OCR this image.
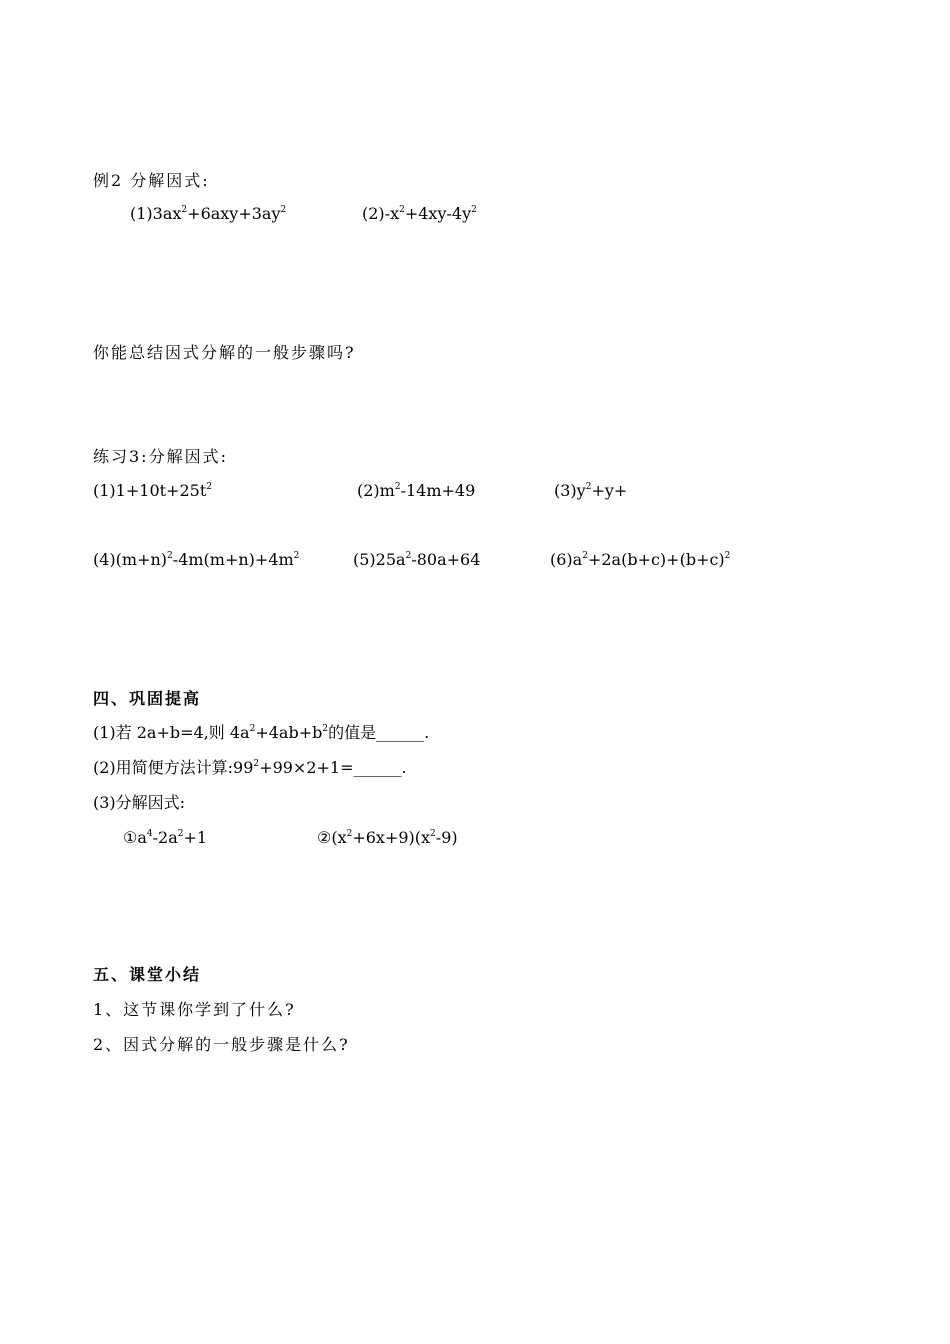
例2 分解因式:
$(1)3ax^2+6axy+3ay^2$	$(2)-x^2+4xy-4y^2$
你能总结因式分解的一般步骤吗?
练习3:分解因式:
$(1)1+10t+25t^2$	$(2)m^2-14m+49$	$(3)y^2+y+$
$(4)(m+n)^2-4m(m+n)+4m^2$	$(5)25a^2-80a+64$	$(6)a^2+2a(b+c)+(b+c)^2$
四、巩固提高
(1)若 2a+b=4,则 $4a^2+4ab+b^2$的值是______.
(2)用简便方法计算$:99^2+99\times 2+1=\_\_\_\_\_\_$.
(3)分解因式:
$①a^4-2a^2+1$	$②(x^2+6x+9)(x^2-9)$
五、课堂小结
1、这节课你学到了什么?
2、因式分解的一般步骤是什么?
